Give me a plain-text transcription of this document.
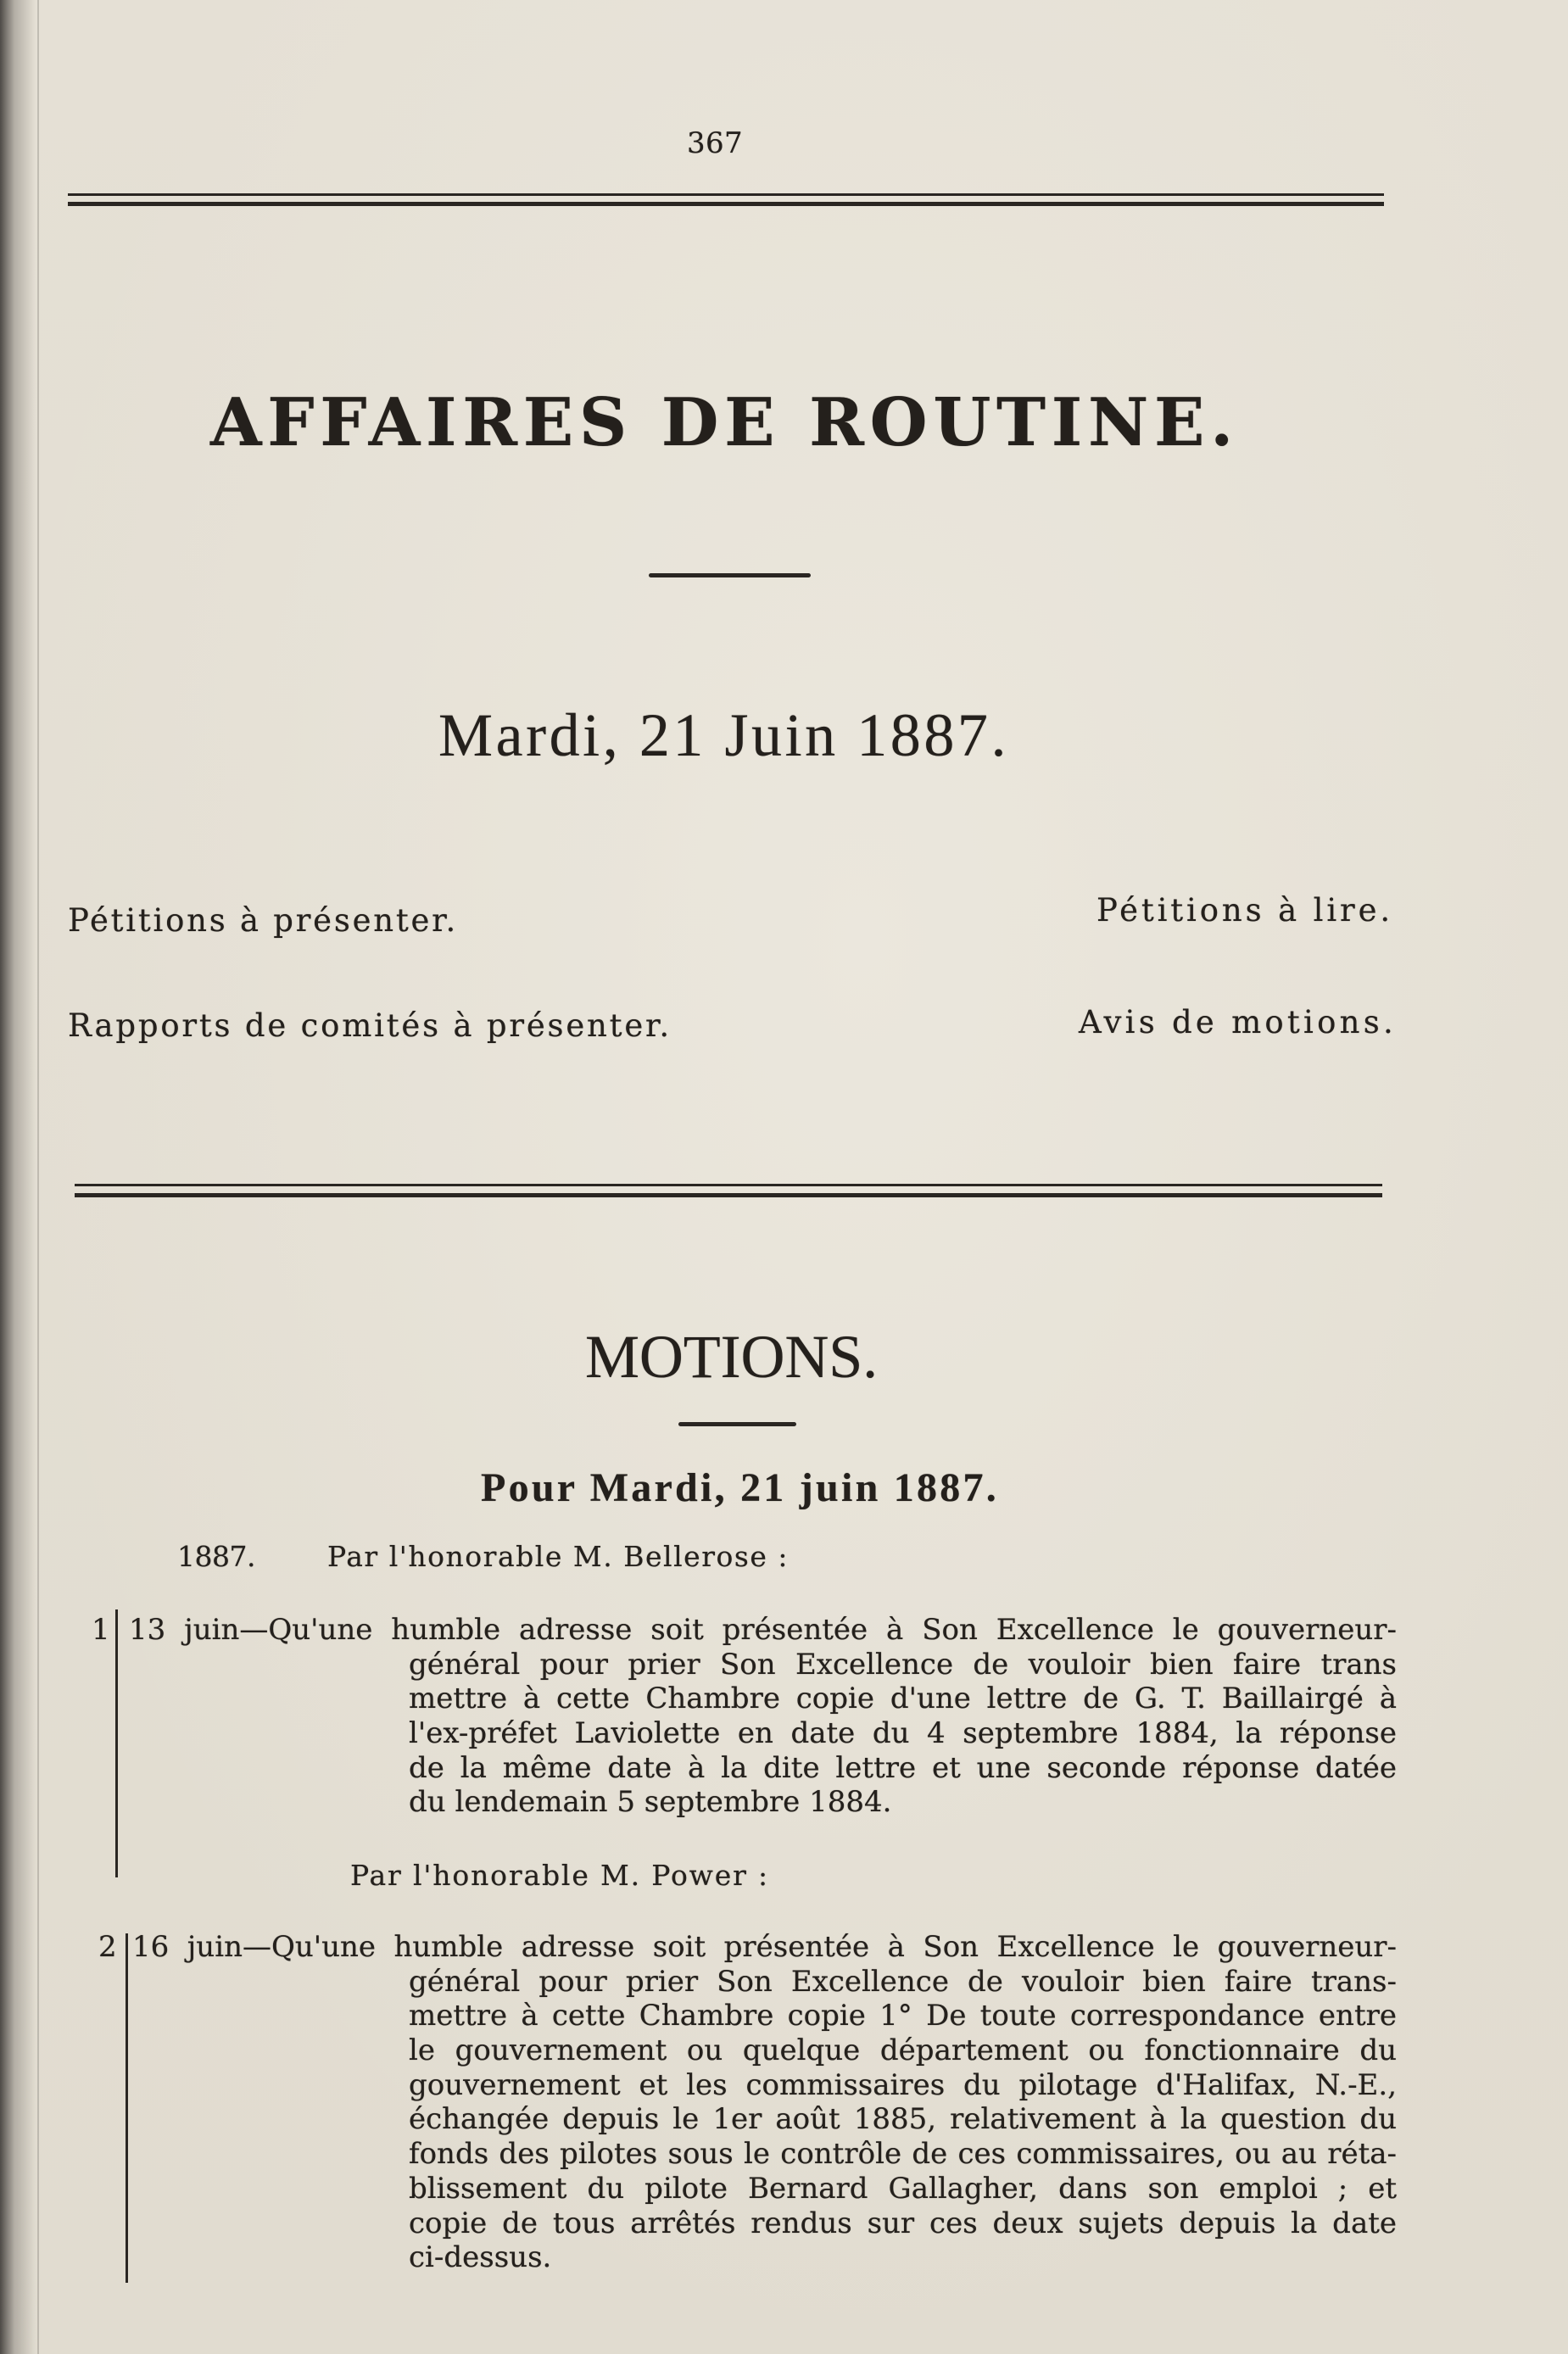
367
AFFAIRES DE ROUTINE.
Mardi, 21 Juin 1887.
Pétitions à présenter.	Pétitions à lire.
Rapports de comités à présenter.	Avis de motions.
MOTIONS.
Pour Mardi, 21 juin 1887.
1887.	Par l'honorable M. Bellerose :
1 13 juin—Qu'une humble adresse soit présentée à Son Excellence le gouverneur-
général pour prier Son Excellence de vouloir bien faire trans
mettre à cette Chambre copie d'une lettre de G. T. Baillairgé à
l'ex-préfet Laviolette en date du 4 septembre 1884, la réponse
de la même date à la dite lettre et une seconde réponse datée
du lendemain 5 septembre 1884.
Par l'honorable M. Power :
2 16 juin—Qu'une humble adresse soit présentée à Son Excellence le gouverneur-
général pour prier Son Excellence de vouloir bien faire trans-
mettre à cette Chambre copie 1° De toute correspondance entre
le gouvernement ou quelque département ou fonctionnaire du
gouvernement et les commissaires du pilotage d'Halifax, N.-E.,
échangée depuis le 1er août 1885, relativement à la question du
fonds des pilotes sous le contrôle de ces commissaires, ou au réta-
blissement du pilote Bernard Gallagher, dans son emploi ; et
copie de tous arrêtés rendus sur ces deux sujets depuis la date
ci-dessus.
